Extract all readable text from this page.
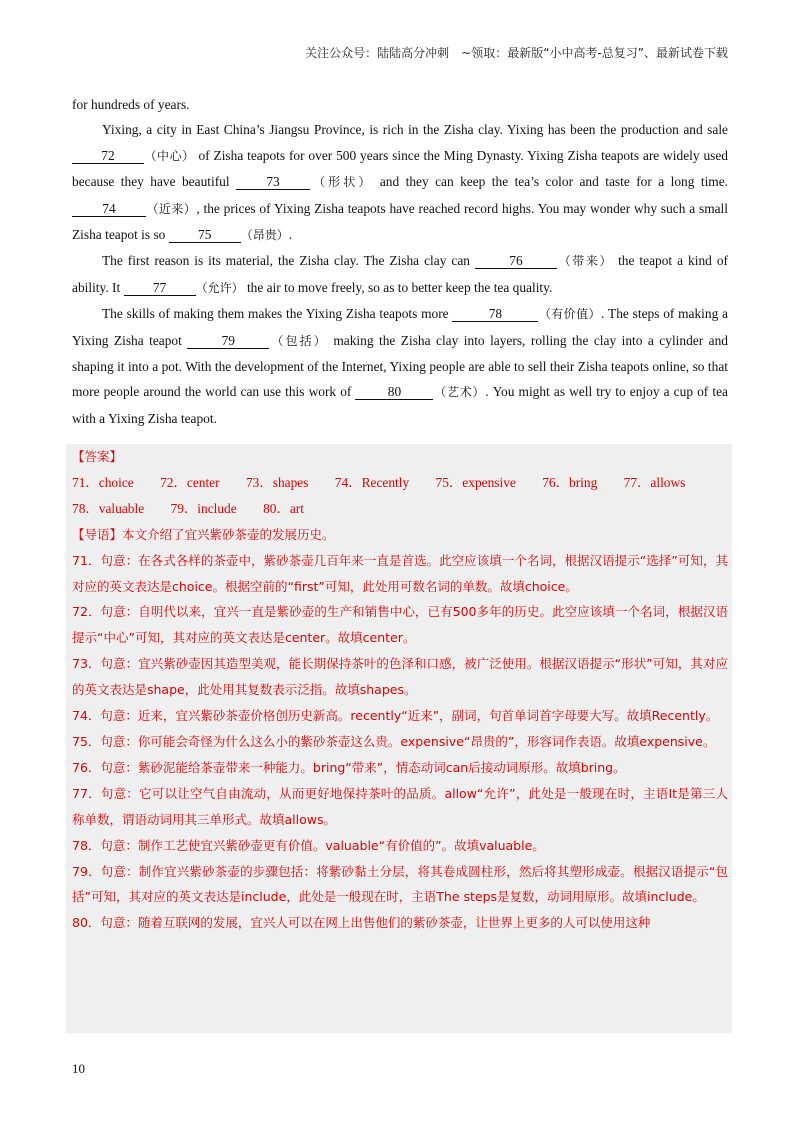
关注公众号：陆陆高分冲刺　~领取：最新版“小中高考-总复习”、最新试卷下载

for hundreds of years.

Yixing, a city in East China’s Jiangsu Province, is rich in the Zisha clay. Yixing has been the production and sale 72 （中心） of Zisha teapots for over 500 years since the Ming Dynasty. Yixing Zisha teapots are widely used because they have beautiful 73	（形状） and they can keep the tea’s color and taste for a long time. 74	（近来）, the prices of Yixing Zisha teapots have reached record highs. You may wonder why such a small Zisha teapot is so 75 （昂贵）.

The first reason is its material, the Zisha clay. The Zisha clay can	76	（带来） the teapot a kind of ability. It 77 （允许） the air to move freely, so as to better keep the tea quality.

The skills of making them makes the Yixing Zisha teapots more	78	（有价值）. The steps of making a Yixing Zisha teapot	79	（包括） making the Zisha clay into layers, rolling the clay into a cylinder and shaping it into a pot. With the development of the Internet, Yixing people are able to sell their Zisha teapots online, so that more people around the world can use this work of 80	（艺术）. You might as well try to enjoy a cup of tea with a Yixing Zisha teapot.

【答案】
71．choice 72．center 73．shapes 74．Recently 75．expensive 76．bring 77．allows
78．valuable 79．include 80．art
【导语】本文介绍了宜兴紫砂茶壶的发展历史。

71．句意：在各式各样的茶壶中，紫砂茶壶几百年来一直是首选。此空应该填一个名词，根据汉语提示“选择”可知，其对应的英文表达是choice。根据空前的“first”可知，此处用可数名词的单数。故填choice。

72．句意：自明代以来，宜兴一直是紫砂壶的生产和销售中心，已有500多年的历史。此空应该填一个名词，根据汉语提示“中心”可知，其对应的英文表达是center。故填center。

73．句意：宜兴紫砂壶因其造型美观，能长期保持茶叶的色泽和口感，被广泛使用。根据汉语提示“形状”可知，其对应的英文表达是shape，此处用其复数表示泛指。故填shapes。

74．句意：近来，宜兴紫砂茶壶价格创历史新高。recently“近来”，副词，句首单词首字母要大写。故填Recently。

75．句意：你可能会奇怪为什么这么小的紫砂茶壶这么贵。expensive“昂贵的”，形容词作表语。故填expensive。

76．句意：紫砂泥能给茶壶带来一种能力。bring“带来”，情态动词can后接动词原形。故填bring。

77．句意：它可以让空气自由流动，从而更好地保持茶叶的品质。allow“允许”，此处是一般现在时，主语It是第三人称单数，谓语动词用其三单形式。故填allows。

78．句意：制作工艺使宜兴紫砂壶更有价值。valuable“有价值的”。故填valuable。

79．句意：制作宜兴紫砂茶壶的步骤包括：将紫砂黏土分层，将其卷成圆柱形，然后将其塑形成壶。根据汉语提示“包括”可知，其对应的英文表达是include，此处是一般现在时，主语The steps是复数，动词用原形。故填include。

80．句意：随着互联网的发展，宜兴人可以在网上出售他们的紫砂茶壶，让世界上更多的人可以使用这种

10
